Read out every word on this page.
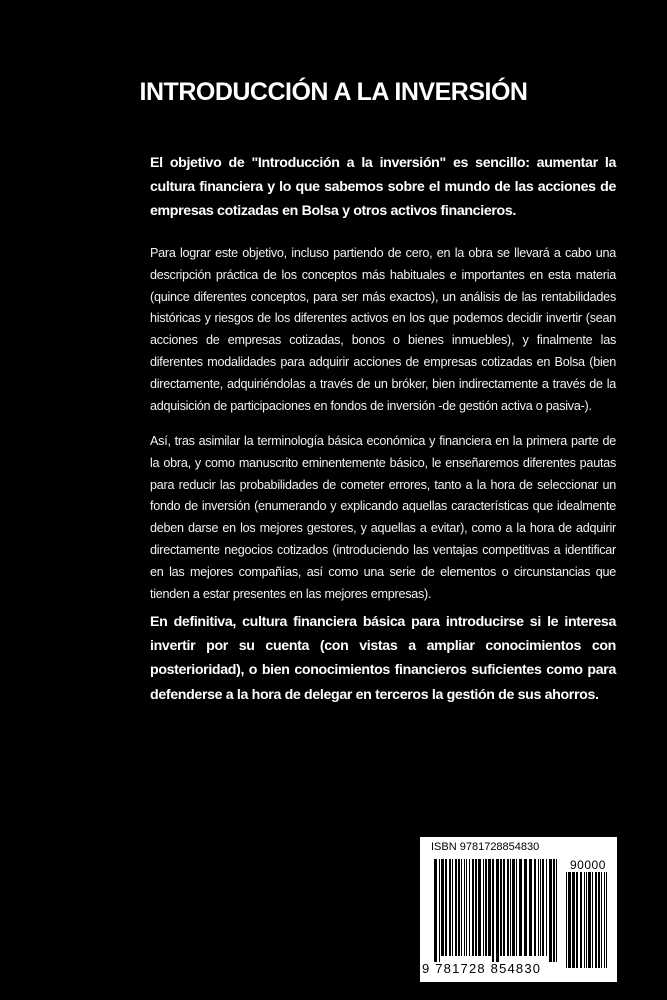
INTRODUCCIÓN A LA INVERSIÓN

El objetivo de "Introducción a la inversión" es sencillo: aumentar la cultura financiera y lo que sabemos sobre el mundo de las acciones de empresas cotizadas en Bolsa y otros activos financieros.

Para lograr este objetivo, incluso partiendo de cero, en la obra se llevará a cabo una descripción práctica de los conceptos más habituales e importantes en esta materia (quince diferentes conceptos, para ser más exactos), un análisis de las rentabilidades históricas y riesgos de los diferentes activos en los que podemos decidir invertir (sean acciones de empresas cotizadas, bonos o bienes inmuebles), y finalmente las diferentes modalidades para adquirir acciones de empresas cotizadas en Bolsa (bien directamente, adquiriéndolas a través de un bróker, bien indirectamente a través de la adquisición de participaciones en fondos de inversión -de gestión activa o pasiva-).

Así, tras asimilar la terminología básica económica y financiera en la primera parte de la obra, y como manuscrito eminentemente básico, le enseñaremos diferentes pautas para reducir las probabilidades de cometer errores, tanto a la hora de seleccionar un fondo de inversión (enumerando y explicando aquellas características que idealmente deben darse en los mejores gestores, y aquellas a evitar), como a la hora de adquirir directamente negocios cotizados (introduciendo las ventajas competitivas a identificar en las mejores compañías, así como una serie de elementos o circunstancias que tienden a estar presentes en las mejores empresas).

En definitiva, cultura financiera básica para introducirse si le interesa invertir por su cuenta (con vistas a ampliar conocimientos con posterioridad), o bien conocimientos financieros suficientes como para defenderse a la hora de delegar en terceros la gestión de sus ahorros.

ISBN 9781728854830

90000

9 781728 854830
